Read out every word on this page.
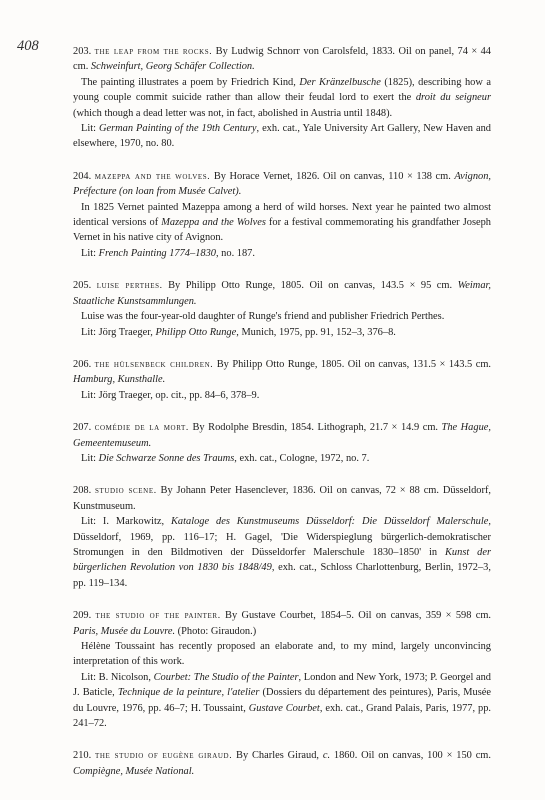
408	203. the leap from the rocks. By Ludwig Schnorr von Carolsfeld, 1833. Oil on panel, 74 × 44 cm. Schweinfurt, Georg Schäfer Collection.

The painting illustrates a poem by Friedrich Kind, Der Kränzelbusche (1825), describing how a young couple commit suicide rather than allow their feudal lord to exert the droit du seigneur (which though a dead letter was not, in fact, abolished in Austria until 1848).

Lit: German Painting of the 19th Century, exh. cat., Yale University Art Gallery, New Haven and elsewhere, 1970, no. 80.

204. mazeppa and the wolves. By Horace Vernet, 1826. Oil on canvas, 110 × 138 cm. Avignon, Préfecture (on loan from Musée Calvet).

In 1825 Vernet painted Mazeppa among a herd of wild horses. Next year he painted two almost identical versions of Mazeppa and the Wolves for a festival commemorating his grandfather Joseph Vernet in his native city of Avignon.

Lit: French Painting 1774–1830, no. 187.

205. luise perthes. By Philipp Otto Runge, 1805. Oil on canvas, 143.5 × 95 cm. Weimar, Staatliche Kunstsammlungen.

Luise was the four-year-old daughter of Runge's friend and publisher Friedrich Perthes.

Lit: Jörg Traeger, Philipp Otto Runge, Munich, 1975, pp. 91, 152–3, 376–8.

206. the hülsenbeck children. By Philipp Otto Runge, 1805. Oil on canvas, 131.5 × 143.5 cm. Hamburg, Kunsthalle.

Lit: Jörg Traeger, op. cit., pp. 84–6, 378–9.

207. comédie de la mort. By Rodolphe Bresdin, 1854. Lithograph, 21.7 × 14.9 cm. The Hague, Gemeentemuseum.

Lit: Die Schwarze Sonne des Traums, exh. cat., Cologne, 1972, no. 7.

208. studio scene. By Johann Peter Hasenclever, 1836. Oil on canvas, 72 × 88 cm. Düsseldorf, Kunstmuseum.

Lit: I. Markowitz, Kataloge des Kunstmuseums Düsseldorf: Die Düsseldorf Malerschule, Düsseldorf, 1969, pp. 116–17; H. Gagel, 'Die Widerspieglung bürgerlich-demokratischer Stromungen in den Bildmotiven der Düsseldorfer Malerschule 1830–1850' in Kunst der bürgerlichen Revolution von 1830 bis 1848/49, exh. cat., Schloss Charlottenburg, Berlin, 1972–3, pp. 119–134.

209. the studio of the painter. By Gustave Courbet, 1854–5. Oil on canvas, 359 × 598 cm. Paris, Musée du Louvre. (Photo: Giraudon.)

Hélène Toussaint has recently proposed an elaborate and, to my mind, largely unconvincing interpretation of this work.

Lit: B. Nicolson, Courbet: The Studio of the Painter, London and New York, 1973; P. Georgel and J. Baticle, Technique de la peinture, l'atelier (Dossiers du département des peintures), Paris, Musée du Louvre, 1976, pp. 46–7; H. Toussaint, Gustave Courbet, exh. cat., Grand Palais, Paris, 1977, pp. 241–72.

210. the studio of eugène giraud. By Charles Giraud, c. 1860. Oil on canvas, 100 × 150 cm. Compiègne, Musée National.
